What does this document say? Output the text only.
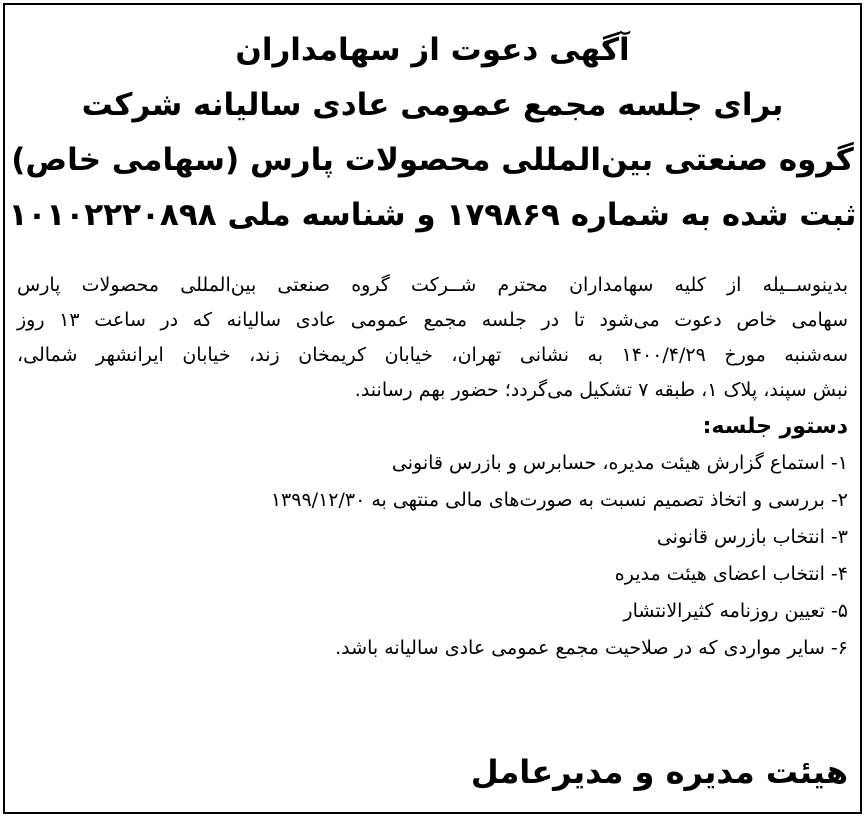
آگهی دعوت از سهامداران
برای جلسه مجمع عمومی عادی سالیانه شرکت
گروه صنعتی بین‌المللی محصولات پارس (سهامی خاص)
ثبت شده به شماره ۱۷۹۸۶۹ و شناسه ملی ۱۰۱۰۲۲۲۰۸۹۸
بدینوســیله از کلیه سهامداران محترم شــرکت گروه صنعتی بین‌المللی محصولات پارس
سهامی خاص دعوت می‌شود تا در جلسه مجمع عمومی عادی سالیانه که در ساعت ۱۳ روز
سه‌شنبه مورخ ۱۴۰۰/۴/۲۹ به نشانی تهران، خیابان کریمخان زند، خیابان ایرانشهر شمالی،
نبش سپند، پلاک ۱، طبقه ۷ تشکیل می‌گردد؛ حضور بهم رسانند.
دستور جلسه:
۱- استماع گزارش هیئت مدیره، حسابرس و بازرس قانونی
۲- بررسی و اتخاذ تصمیم نسبت به صورت‌های مالی منتهی به ۱۳۹۹/۱۲/۳۰
۳- انتخاب بازرس قانونی
۴- انتخاب اعضای هیئت مدیره
۵- تعیین روزنامه کثیرالانتشار
۶- سایر مواردی که در صلاحیت مجمع عمومی عادی سالیانه باشد.
هیئت مدیره و مدیرعامل
